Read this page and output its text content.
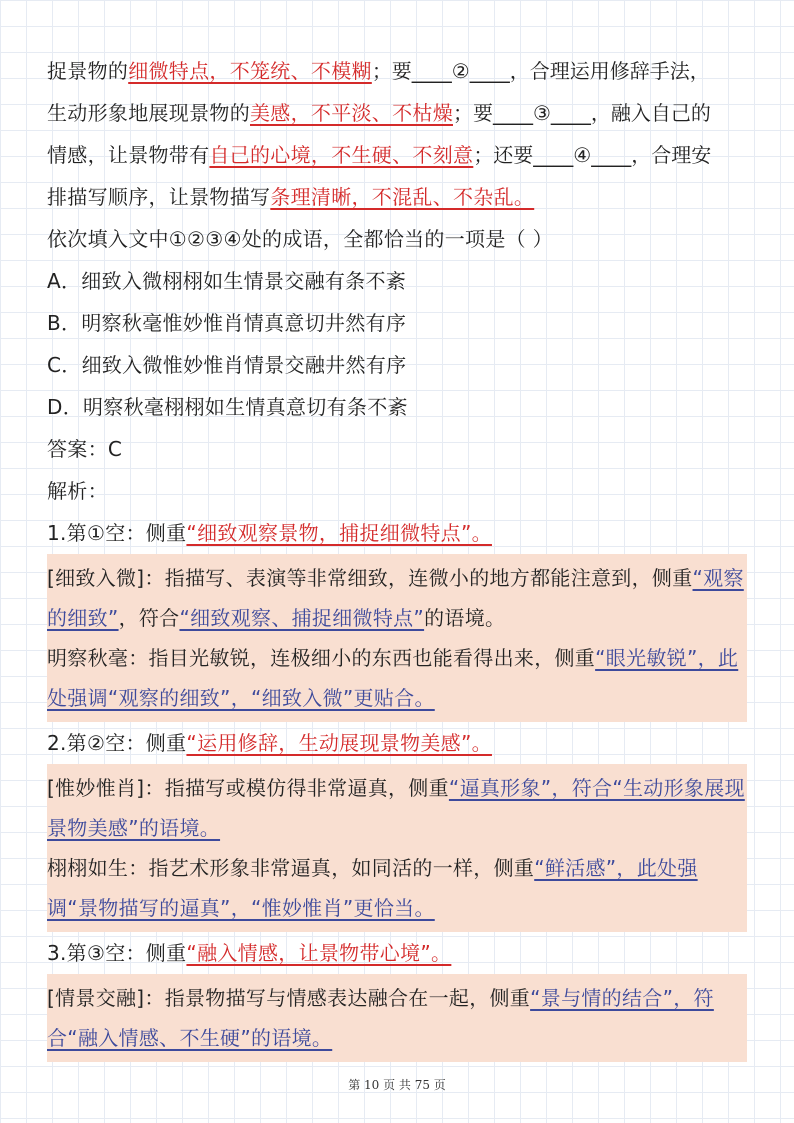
捉景物的细微特点，不笼统、不模糊；要____②____，合理运用修辞手法，
生动形象地展现景物的美感，不平淡、不枯燥；要____③____，融入自己的
情感，让景物带有自己的心境，不生硬、不刻意；还要____④____，合理安
排描写顺序，让景物描写条理清晰，不混乱、不杂乱。
依次填入文中①②③④处的成语，全都恰当的一项是（ ）
A．细致入微栩栩如生情景交融有条不紊
B．明察秋毫惟妙惟肖情真意切井然有序
C．细致入微惟妙惟肖情景交融井然有序
D．明察秋毫栩栩如生情真意切有条不紊
答案：C
解析：
1.第①空：侧重“细致观察景物，捕捉细微特点”。
[细致入微]：指描写、表演等非常细致，连微小的地方都能注意到，侧重“观察的细致”，符合“细致观察、捕捉细微特点”的语境。
明察秋毫：指目光敏锐，连极细小的东西也能看得出来，侧重“眼光敏锐”，此处强调“观察的细致”，“细致入微”更贴合。
2.第②空：侧重“运用修辞，生动展现景物美感”。
[惟妙惟肖]：指描写或模仿得非常逼真，侧重“逼真形象”，符合“生动形象展现景物美感”的语境。
栩栩如生：指艺术形象非常逼真，如同活的一样，侧重“鲜活感”，此处强调“景物描写的逼真”，“惟妙惟肖”更恰当。
3.第③空：侧重“融入情感，让景物带心境”。
[情景交融]：指景物描写与情感表达融合在一起，侧重“景与情的结合”，符合“融入情感、不生硬”的语境。
第 10 页 共 75 页
